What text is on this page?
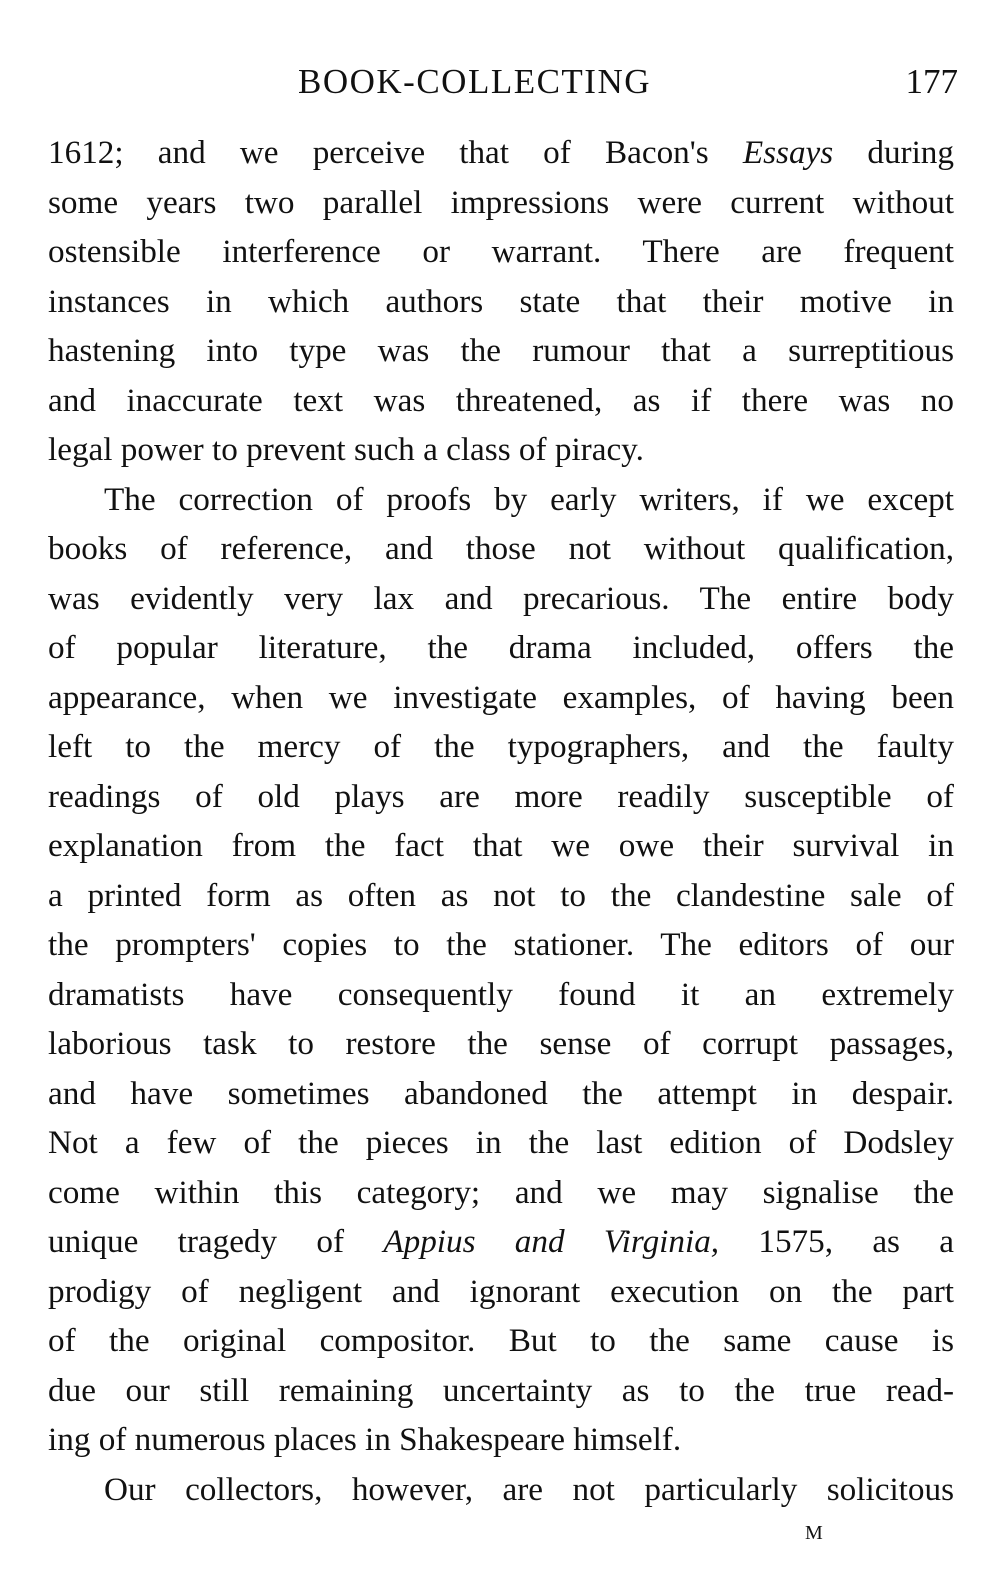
BOOK-COLLECTING	177
1612; and we perceive that of Bacon's Essays during
some years two parallel impressions were current without
ostensible interference or warrant. There are frequent
instances in which authors state that their motive in
hastening into type was the rumour that a surreptitious
and inaccurate text was threatened, as if there was no
legal power to prevent such a class of piracy.
The correction of proofs by early writers, if we except
books of reference, and those not without qualification,
was evidently very lax and precarious. The entire body
of popular literature, the drama included, offers the
appearance, when we investigate examples, of having been
left to the mercy of the typographers, and the faulty
readings of old plays are more readily susceptible of
explanation from the fact that we owe their survival in
a printed form as often as not to the clandestine sale of
the prompters' copies to the stationer. The editors of our
dramatists have consequently found it an extremely
laborious task to restore the sense of corrupt passages,
and have sometimes abandoned the attempt in despair.
Not a few of the pieces in the last edition of Dodsley
come within this category; and we may signalise the
unique tragedy of Appius and Virginia, 1575, as a
prodigy of negligent and ignorant execution on the part
of the original compositor. But to the same cause is
due our still remaining uncertainty as to the true read-
ing of numerous places in Shakespeare himself.
Our collectors, however, are not particularly solicitous
M
